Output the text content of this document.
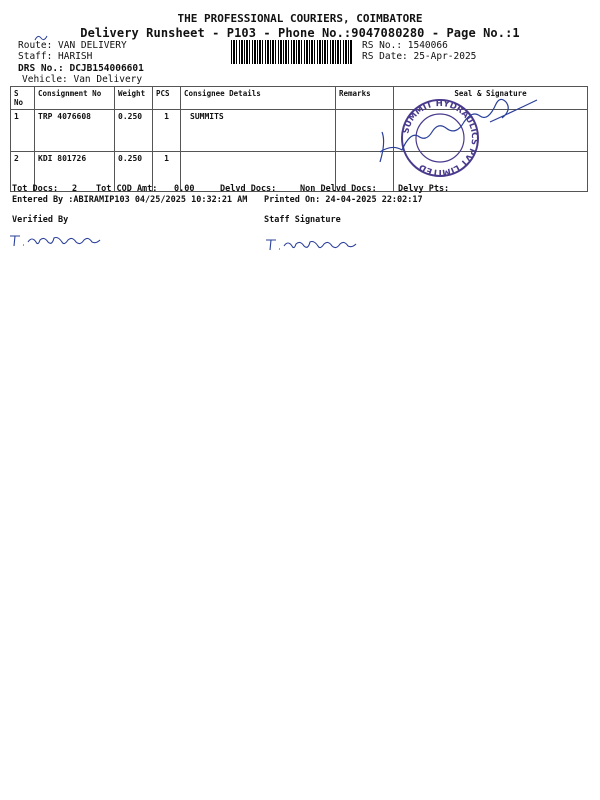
THE PROFESSIONAL COURIERS, COIMBATORE
Delivery Runsheet - P103 - Phone No.:9047080280 - Page No.:1
Route: VAN DELIVERY
Staff: HARISH
DRS No.: DCJB154006601
Vehicle: Van Delivery
RS No.: 1540066
RS Date: 25-Apr-2025
S No	Consignment No	Weight	PCS	Consignee Details	Remarks	Seal & Signature
1	TRP 4076608	0.250	1	SUMMITS		
2	KDI 801726	0.250	1			
SUMMIT HYDRAULICS PVT LIMITED
Tot Docs: 2 Tot COD Amt: 0.00	Delvd Docs:	Non Delvd Docs: Delvy Pts:
Entered By :ABIRAMIP103 04/25/2025 10:32:21 AM Printed On: 24-04-2025 22:02:17
Verified By	Staff Signature
